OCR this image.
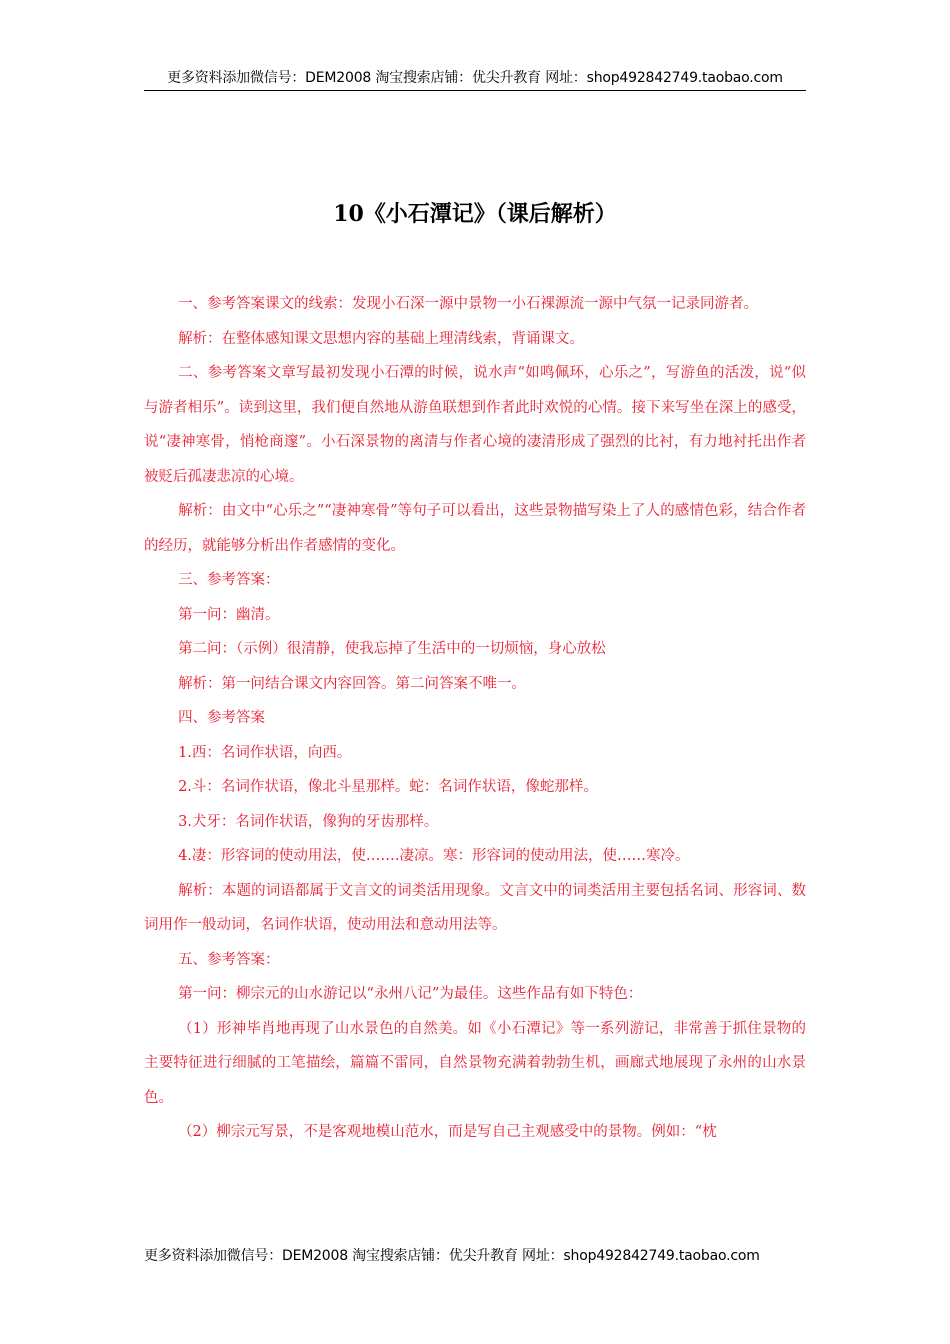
更多资料添加微信号：DEM2008 淘宝搜索店铺：优尖升教育 网址：shop492842749.taobao.com
10《小石潭记》（课后解析）

一、参考答案课文的线索：发现小石深一源中景物一小石裸源流一源中气氛一记录同游者。

解析：在整体感知课文思想内容的基础上理清线索，背诵课文。

二、参考答案文章写最初发现小石潭的时候，说水声“如鸣佩环，心乐之”，写游鱼的活泼，说“似与游者相乐”。读到这里，我们便自然地从游鱼联想到作者此时欢悦的心情。接下来写坐在深上的感受，说“凄神寒骨，悄枪商邃”。小石深景物的离清与作者心境的凄清形成了强烈的比衬，有力地衬托出作者被贬后孤凄悲凉的心境。

解析：由文中“心乐之”“凄神寒骨”等句子可以看出，这些景物描写染上了人的感情色彩，结合作者的经历，就能够分析出作者感情的变化。

三、参考答案：

第一问：幽清。

第二问：（示例）很清静，使我忘掉了生活中的一切烦恼，身心放松

解析：第一问结合课文内容回答。第二问答案不唯一。

四、参考答案

1.西：名词作状语，向西。

2.斗：名词作状语，像北斗星那样。蛇：名词作状语，像蛇那样。

3.犬牙：名词作状语，像狗的牙齿那样。

4.凄：形容词的使动用法，使…….凄凉。寒：形容词的使动用法，使……寒冷。

解析：本题的词语都属于文言文的词类活用现象。文言文中的词类活用主要包括名词、形容词、数词用作一般动词，名词作状语，使动用法和意动用法等。

五、参考答案：

第一问：柳宗元的山水游记以“永州八记”为最佳。这些作品有如下特色：

（1）形神毕肖地再现了山水景色的自然美。如《小石潭记》等一系列游记，非常善于抓住景物的主要特征进行细腻的工笔描绘，篇篇不雷同，自然景物充满着勃勃生机，画廊式地展现了永州的山水景色。

（2）柳宗元写景，不是客观地模山范水，而是写自己主观感受中的景物。例如：“枕

更多资料添加微信号：DEM2008 淘宝搜索店铺：优尖升教育 网址：shop492842749.taobao.com
